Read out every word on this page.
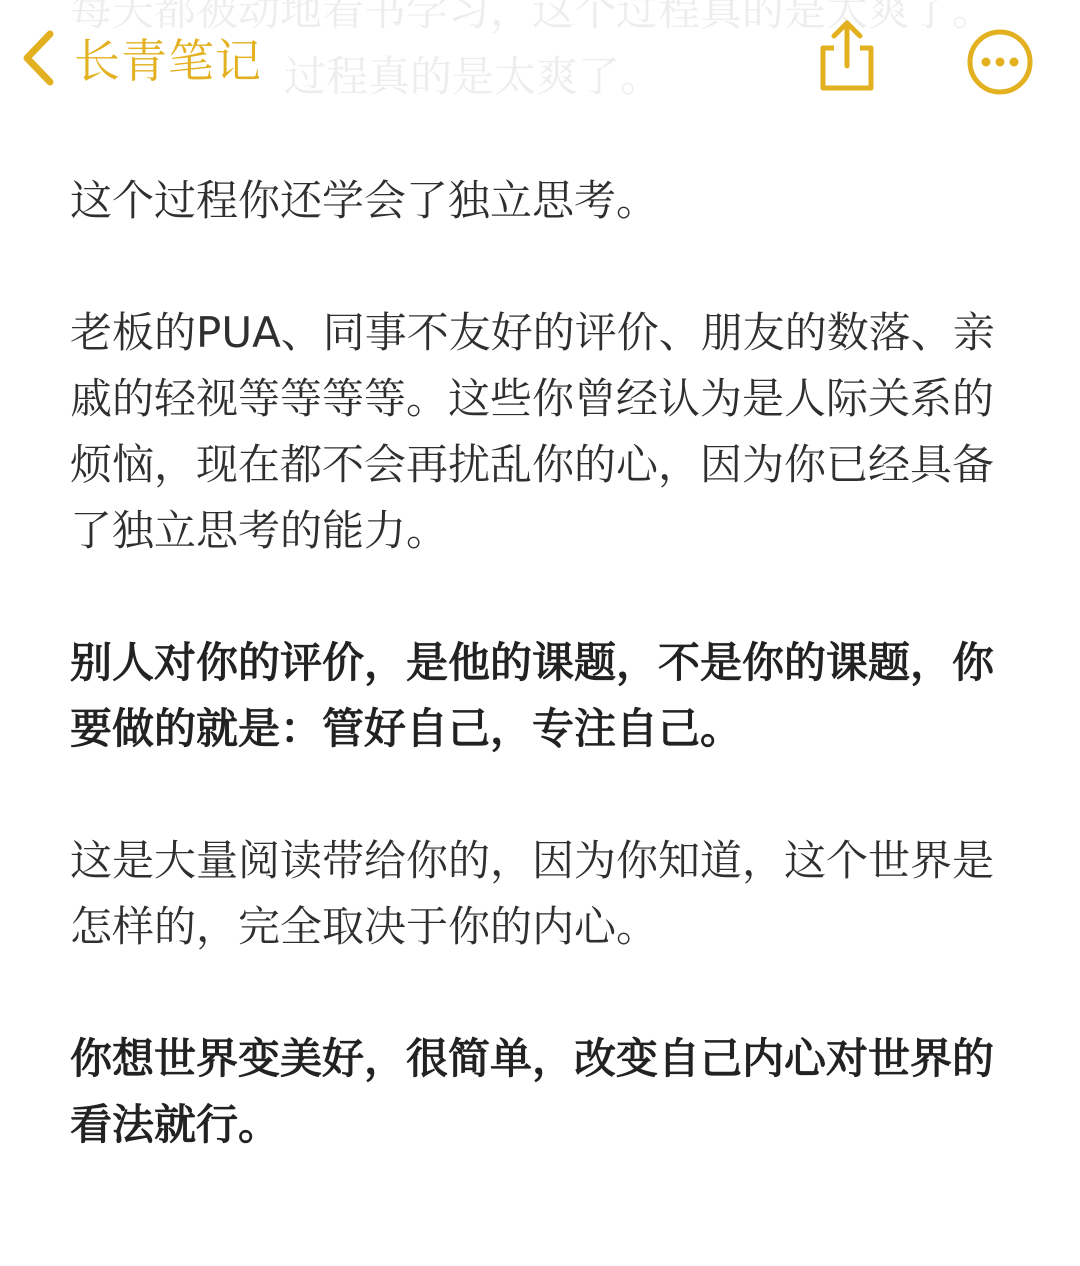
长青笔记

这个过程你还学会了独立思考。

老板的PUA、同事不友好的评价、朋友的数落、亲戚的轻视等等等等。这些你曾经认为是人际关系的烦恼，现在都不会再扰乱你的心，因为你已经具备了独立思考的能力。

别人对你的评价，是他的课题，不是你的课题，你要做的就是：管好自己，专注自己。

这是大量阅读带给你的，因为你知道，这个世界是怎样的，完全取决于你的内心。

你想世界变美好，很简单，改变自己内心对世界的看法就行。
